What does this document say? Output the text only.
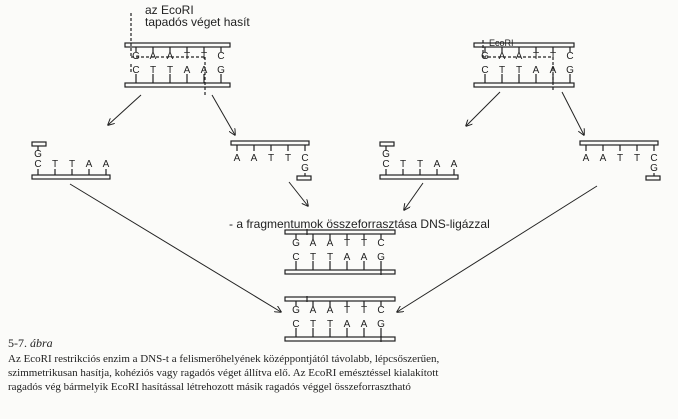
G A A T T C
C T T A A G
G A A T T C
C T T A A G
G
C T T A A
A A T T C
G
G
C T T A A
A A T T C
G
G A A T T C
C T T A A G
G A A T T C
C T T A A G
az EcoRI
tapadós véget hasít
EcoRI
- a fragmentumok összeforrasztása DNS-ligázzal
5-7. ábra
Az EcoRI restrikciós enzim a DNS-t a felismerőhelyének középpontjától távolabb, lépcsőszerűen,
szimmetrikusan hasítja, kohéziós vagy ragadós véget állítva elő. Az EcoRI emésztéssel kialakított
ragadós vég bármelyik EcoRI hasítással létrehozott másik ragadós véggel összeforrasztható
